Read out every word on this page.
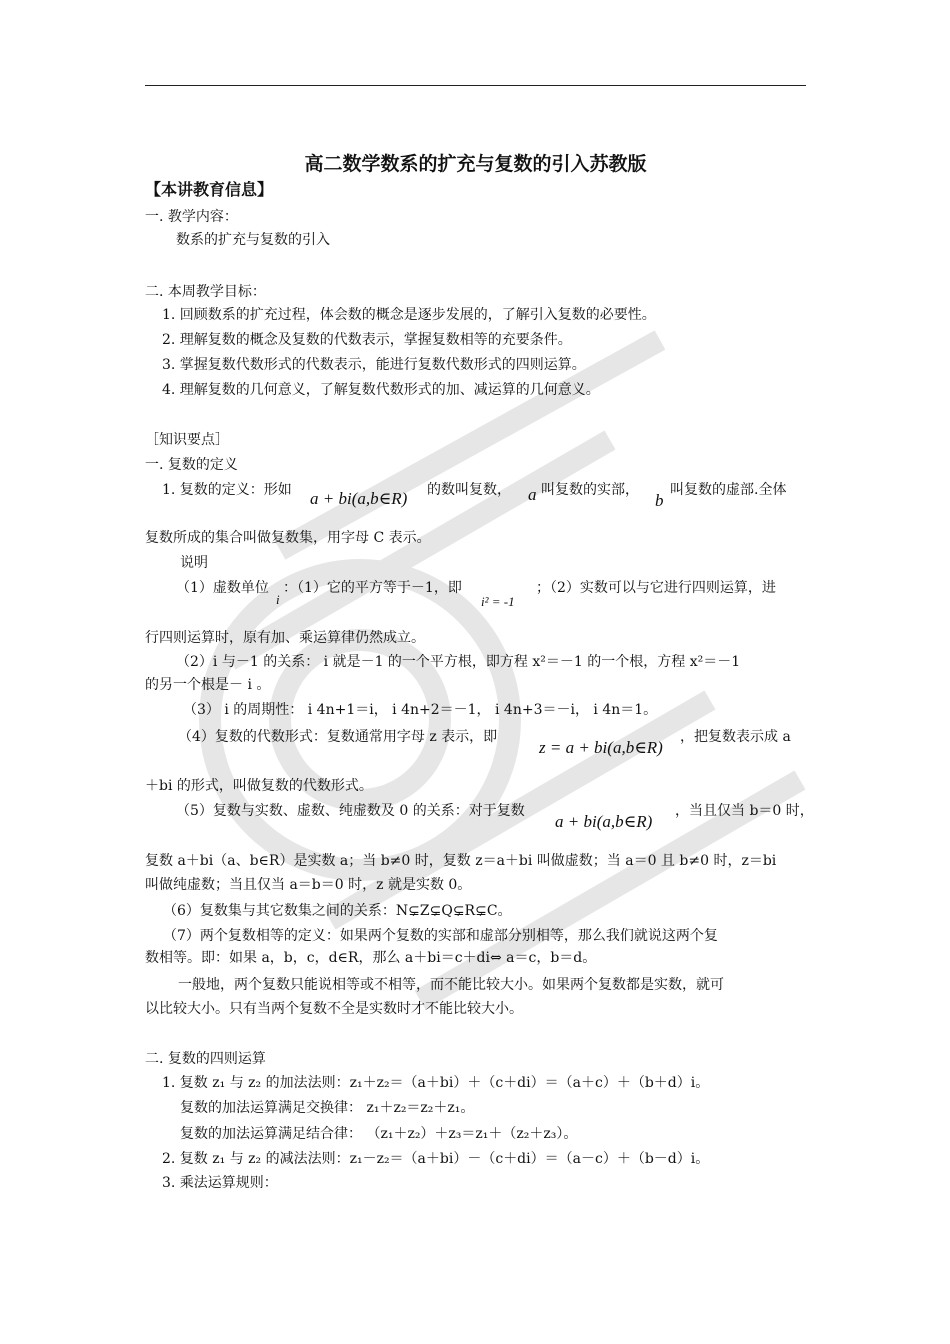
高二数学数系的扩充与复数的引入苏教版
【本讲教育信息】
一. 教学内容：
数系的扩充与复数的引入
二. 本周教学目标：
1. 回顾数系的扩充过程，体会数的概念是逐步发展的，了解引入复数的必要性。
2. 理解复数的概念及复数的代数表示，掌握复数相等的充要条件。
3. 掌握复数代数形式的代数表示，能进行复数代数形式的四则运算。
4. 理解复数的几何意义，了解复数代数形式的加、减运算的几何意义。
［知识要点］
一. 复数的定义
1. 复数的定义：形如	a + bi(a,b∈R) 的数叫复数， a 叫复数的实部，
b
叫复数的虚部.全体
复数所成的集合叫做复数集，用字母 C 表示。
说明
（1）虚数单位
i
：（1）它的平方等于－1，即
i² = -1
；（2）实数可以与它进行四则运算，进
行四则运算时，原有加、乘运算律仍然成立。
（2）i 与－1 的关系： i 就是－1 的一个平方根，即方程 x²＝－1 的一个根，方程 x²＝－1
的另一个根是－ i 。
（3） i 的周期性： i 4n+1＝i， i 4n+2＝－1， i 4n+3＝－i， i 4n＝1。
（4）复数的代数形式：复数通常用字母 z 表示，即
z = a + bi(a,b∈R)
，把复数表示成 a
＋bi 的形式，叫做复数的代数形式。
（5）复数与实数、虚数、纯虚数及 0 的关系：对于复数
a + bi(a,b∈R)
，当且仅当 b＝0 时，
复数 a＋bi（a、b∈R）是实数 a；当 b≠0 时，复数 z＝a＋bi 叫做虚数；当 a＝0 且 b≠0 时，z＝bi
叫做纯虚数；当且仅当 a＝b＝0 时，z 就是实数 0。
（6）复数集与其它数集之间的关系：N⊊Z⊊Q⊊R⊊C。
（7）两个复数相等的定义：如果两个复数的实部和虚部分别相等，那么我们就说这两个复
数相等。即：如果 a，b，c，d∈R，那么 a＋bi＝c＋di⇔ a＝c，b＝d。
一般地，两个复数只能说相等或不相等，而不能比较大小。如果两个复数都是实数，就可
以比较大小。只有当两个复数不全是实数时才不能比较大小。
二. 复数的四则运算
1. 复数 z₁ 与 z₂ 的加法法则：z₁＋z₂＝（a＋bi）＋（c＋di）＝（a＋c）＋（b＋d）i。
复数的加法运算满足交换律： z₁＋z₂＝z₂＋z₁。
复数的加法运算满足结合律： （z₁＋z₂）＋z₃＝z₁＋（z₂＋z₃）。
2. 复数 z₁ 与 z₂ 的减法法则：z₁－z₂＝（a＋bi）－（c＋di）＝（a－c）＋（b－d）i。
3. 乘法运算规则：
